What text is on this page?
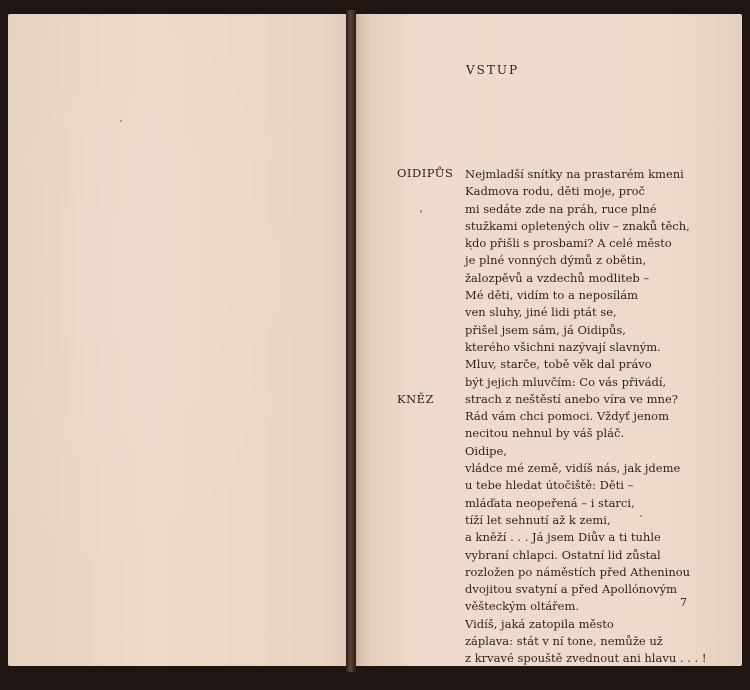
VSTUP
OIDIPŮS
KNĚZ
Nejmladší snítky na prastarém kmeni
Kadmova rodu, děti moje, proč
mi sedáte zde na práh, ruce plné
stužkami opletených oliv – znaků těch,
kdo přišli s prosbami? A celé město
je plné vonných dýmů z obětin,
žalozpěvů a vzdechů modliteb –
Mé děti, vidím to a neposílám
ven sluhy, jiné lidi ptát se,
přišel jsem sám, já Oidipůs,
kterého všichni nazývají slavným.
Mluv, starče, tobě věk dal právo
být jejich mluvčím: Co vás přivádí,
strach z neštěstí anebo víra ve mne?
Rád vám chci pomoci. Vždyť jenom
necitou nehnul by váš pláč.
Oidipe,
vládce mé země, vidíš nás, jak jdeme
u tebe hledat útočiště: Děti –
mláďata neopeřená – i starci,
tíží let sehnutí až k zemi,
a kněží . . . Já jsem Diův a ti tuhle
vybraní chlapci. Ostatní lid zůstal
rozložen po náměstích před Atheninou
dvojitou svatyní a před Apollónovým
věšteckým oltářem.
Vidíš, jaká zatopila město
záplava: stát v ní tone, nemůže už
z krvavé spouště zvednout ani hlavu . . . !
7
